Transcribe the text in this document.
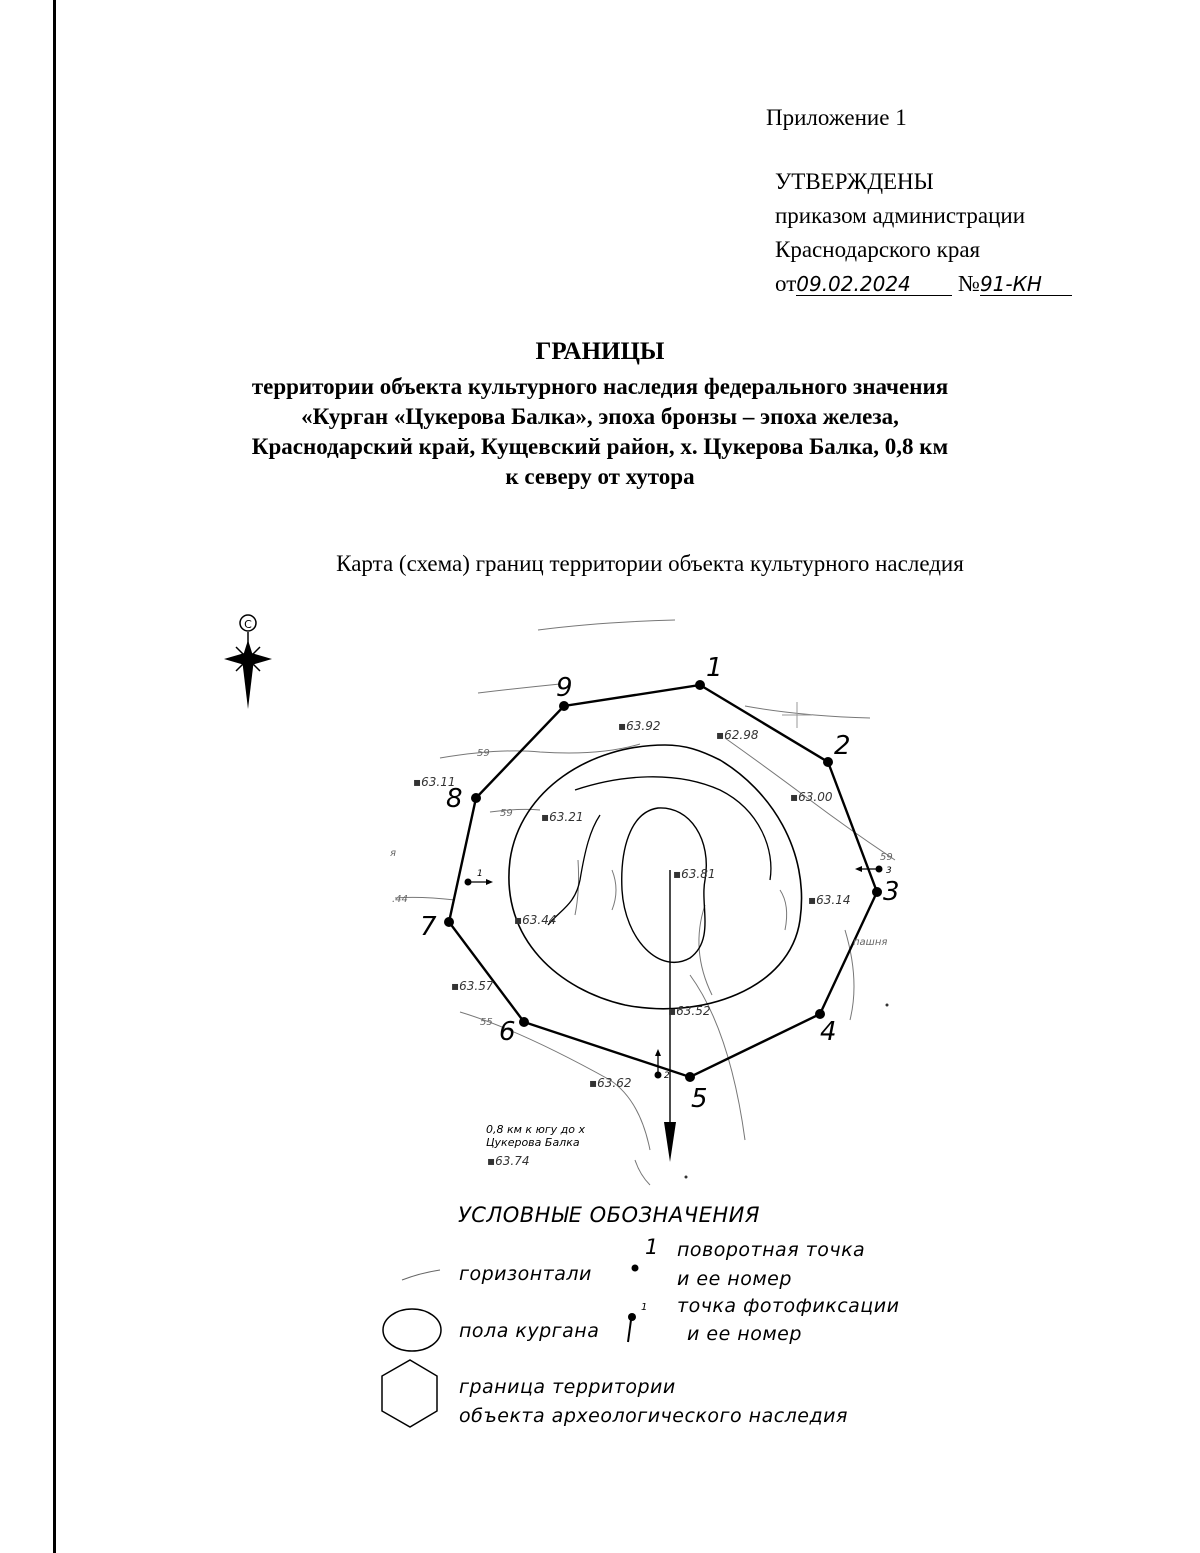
Приложение 1
УТВЕРЖДЕНЫ
приказом администрации
Краснодарского края
от09.02.2024 №91-КН
ГРАНИЦЫ
территории объекта культурного наследия федерального значения
«Курган «Цукерова Балка», эпоха бронзы – эпоха железа,
Краснодарский край, Кущевский район, х. Цукерова Балка, 0,8 км
к северу от хутора
Карта (схема) границ территории объекта культурного наследия
С
1
2
3
4
5
6
7
8
9
1
2
3
▪63.92
▪62.98
▪63.00
▪63.21
▪63.81
▪63.14
▪63.44
▪63.52
▪63.57
▪63.62
▪63.74
▪63.11
59
59
59
.44
55
я
пашня
0,8 км к югу до х
Цукерова Балка
УСЛОВНЫЕ ОБОЗНАЧЕНИЯ
горизонтали
1 поворотная точка
и ее номер
пола кургана
1 точка фотофиксации
и ее номер
граница территории
объекта археологического наследия
